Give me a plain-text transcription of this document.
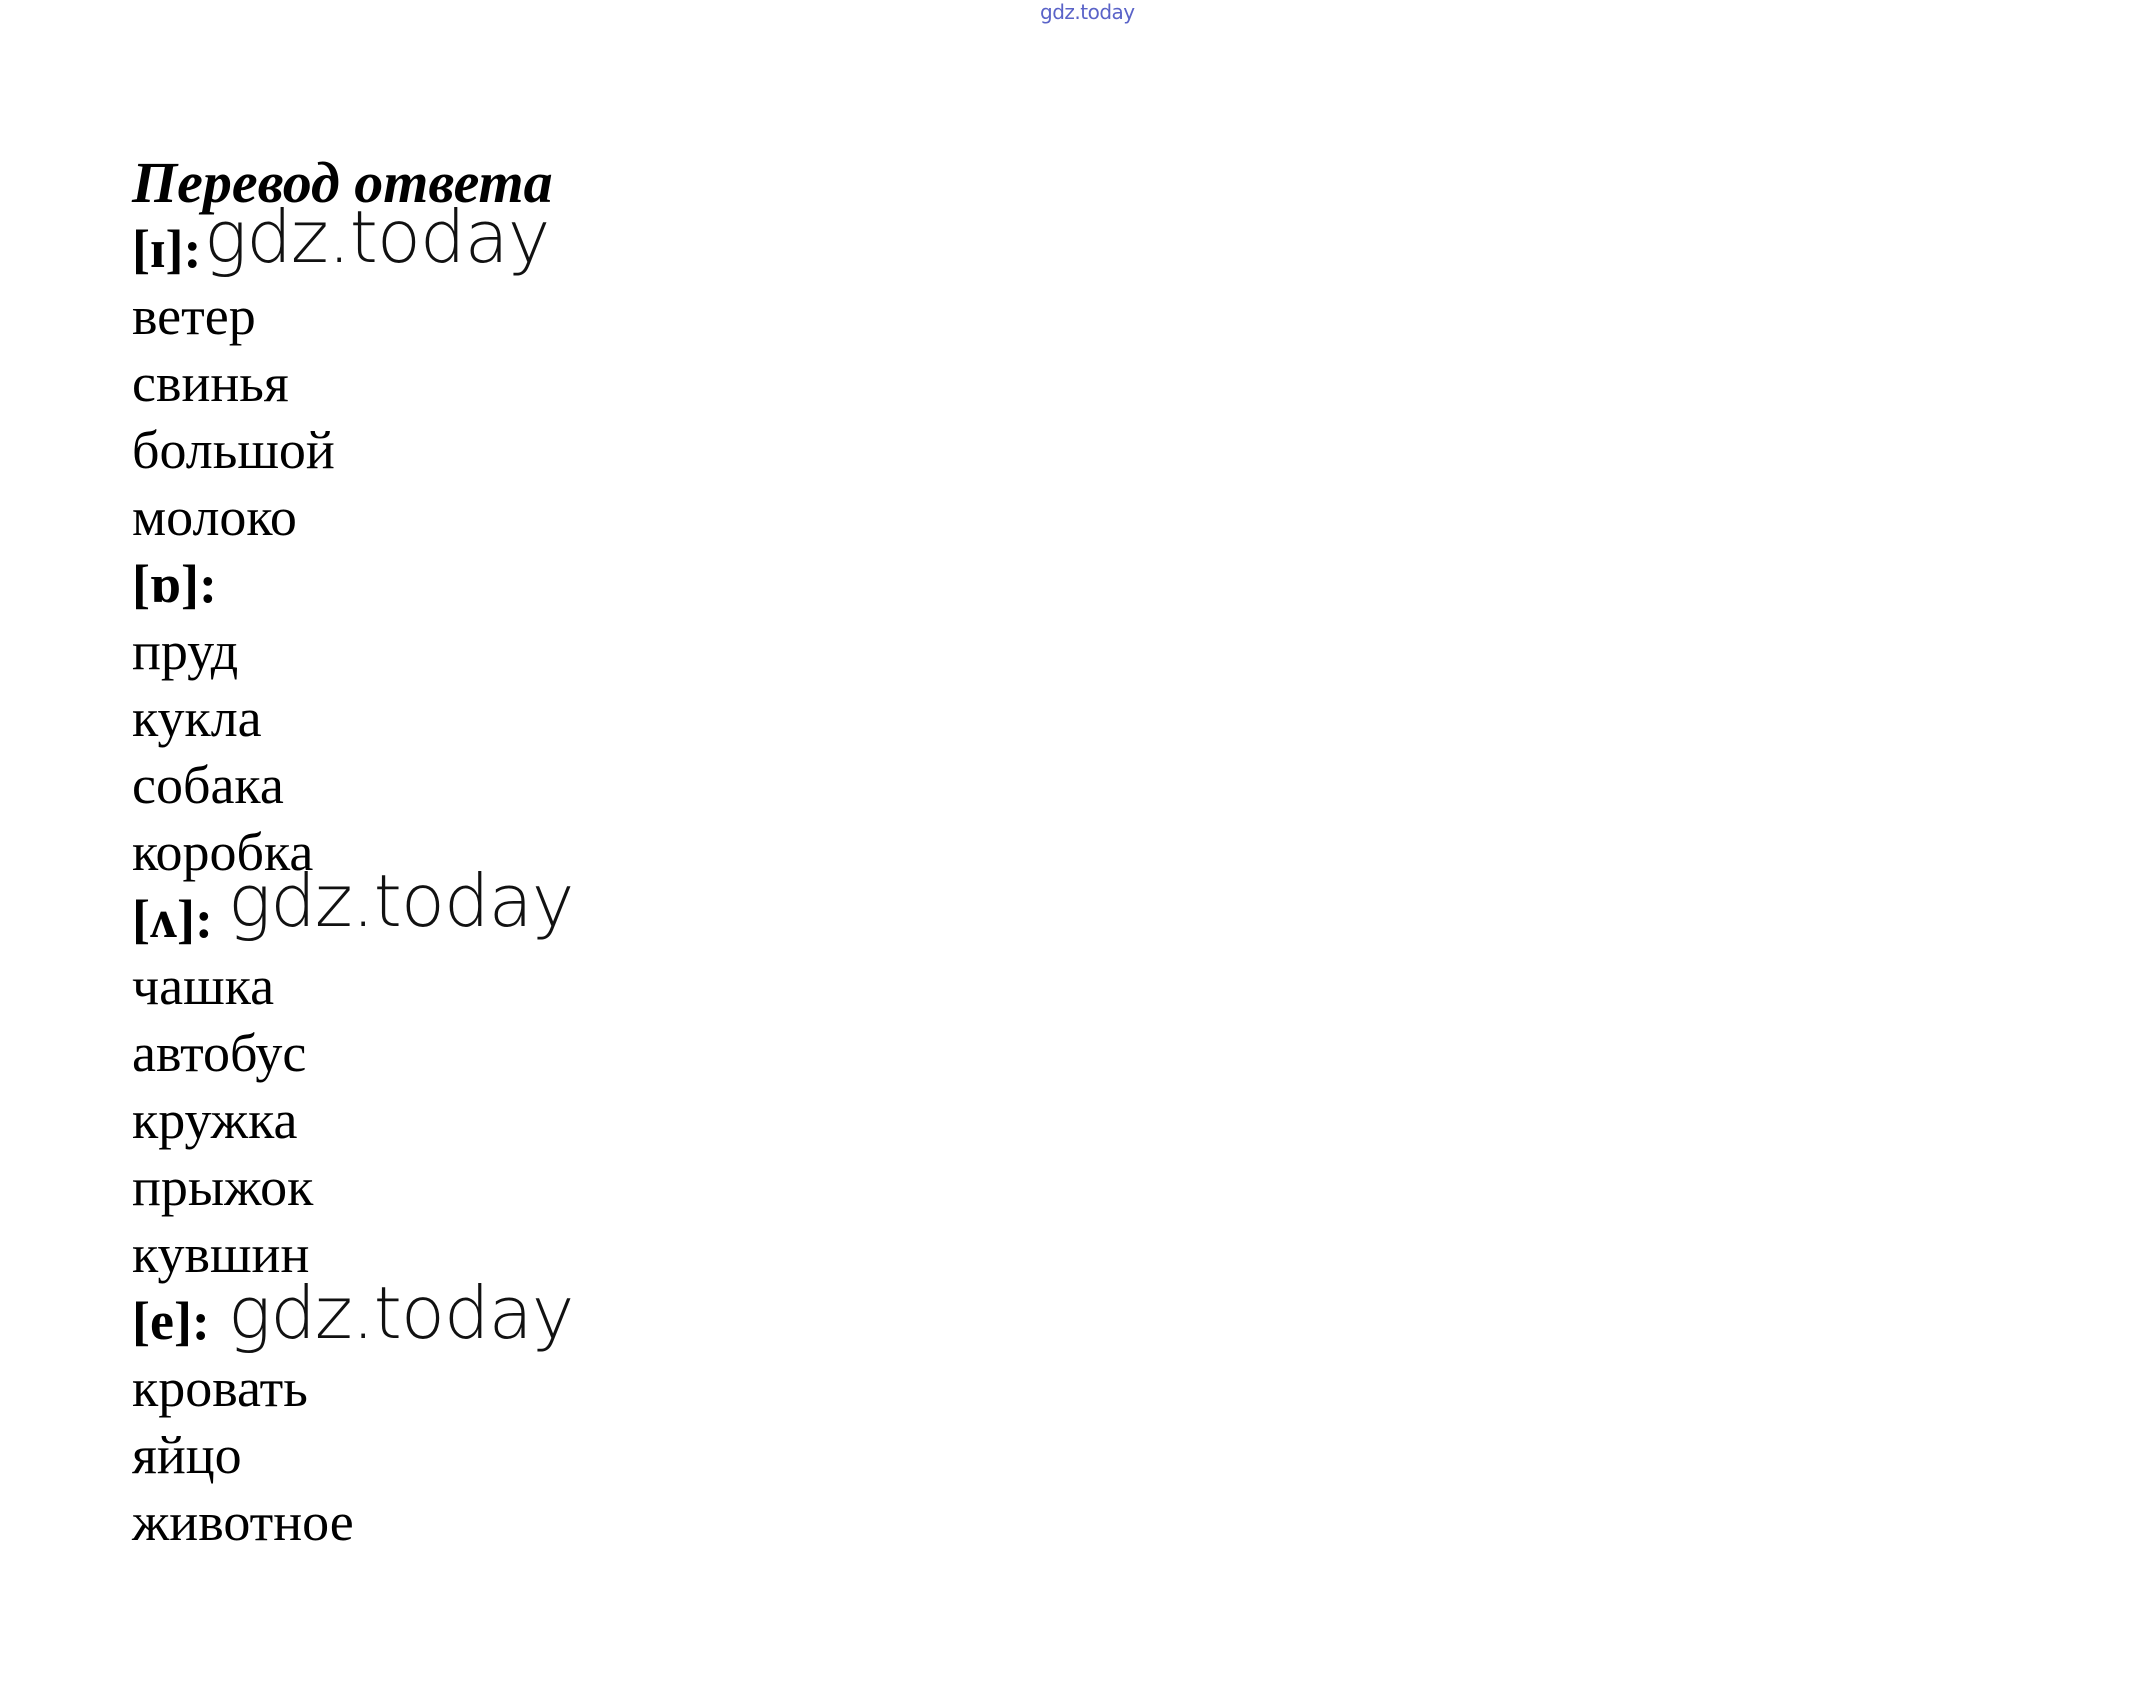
gdz.today
Перевод ответа
[ɪ]: gdz.today
ветер
свинья
большой
молоко
[ɒ]:
пруд
кукла
собака
коробка
[ʌ]: gdz.today
чашка
автобус
кружка
прыжок
кувшин
[e]: gdz.today
кровать
яйцо
животное
